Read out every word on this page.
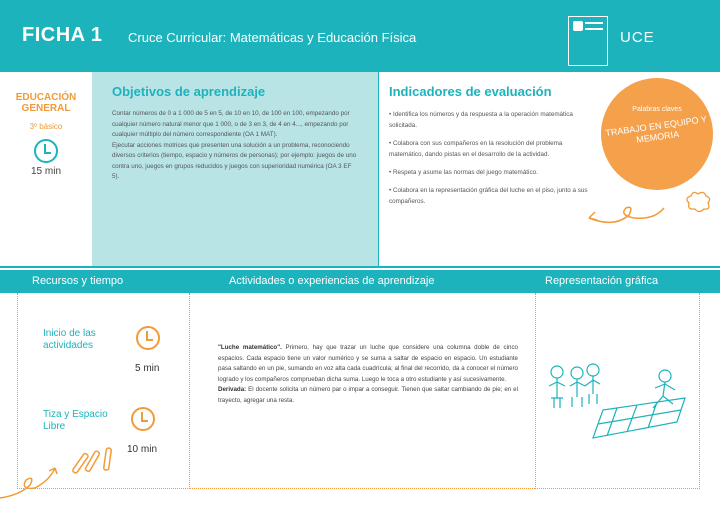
FICHA 1 Cruce Curricular: Matemáticas y Educación Física	UCE
EDUCACIÓN GENERAL
3º básico
15 min
Objetivos de aprendizaje

Contar números de 0 a 1 000 de 5 en 5, de 10 en 10, de 100 en 100, empezando por cualquier número natural menor que 1 000, o de 3 en 3, de 4 en 4..., empezando por cualquier múltiplo del número correspondiente (OA 1 MAT).

Ejecutar acciones motrices que presenten una solución a un problema, reconociendo diversos criterios (tiempo, espacio y números de personas); por ejemplo: juegos de uno contra uno, juegos en grupos reducidos y juegos con superioridad numérica (OA 3 EF 5).

Indicadores de evaluación
• Identifica los números y da respuesta a la operación matemática solicitada.
• Colabora con sus compañeros en la resolución del problema matemático, dando pistas en el desarrollo de la actividad.
• Respeta y asume las normas del juego matemático.
• Colabora en la representación gráfica del luche en el piso, junto a sus compañeros.
Palabras claves
TRABAJO EN EQUIPO Y MEMORIA
Recursos y tiempo	Actividades o experiencias de aprendizaje	Representación gráfica
Inicio de las actividades
5 min
Tiza y Espacio Libre
10 min
"Luche matemático". Primero, hay que trazar un luche que considere una columna doble de cinco espacios. Cada espacio tiene un valor numérico y se suma a saltar de espacio en espacio. Un estudiante pasa saltando en un pie, sumando en voz alta cada cuadrícula; al final del recorrido, da a conocer el número logrado y los compañeros comprueban dicha suma. Luego le toca a otro estudiante y así sucesivamente.
Derivada: El docente solicita un número par o impar a conseguir. Tienen que saltar cambiando de pie; en el trayecto, agregar una resta.
